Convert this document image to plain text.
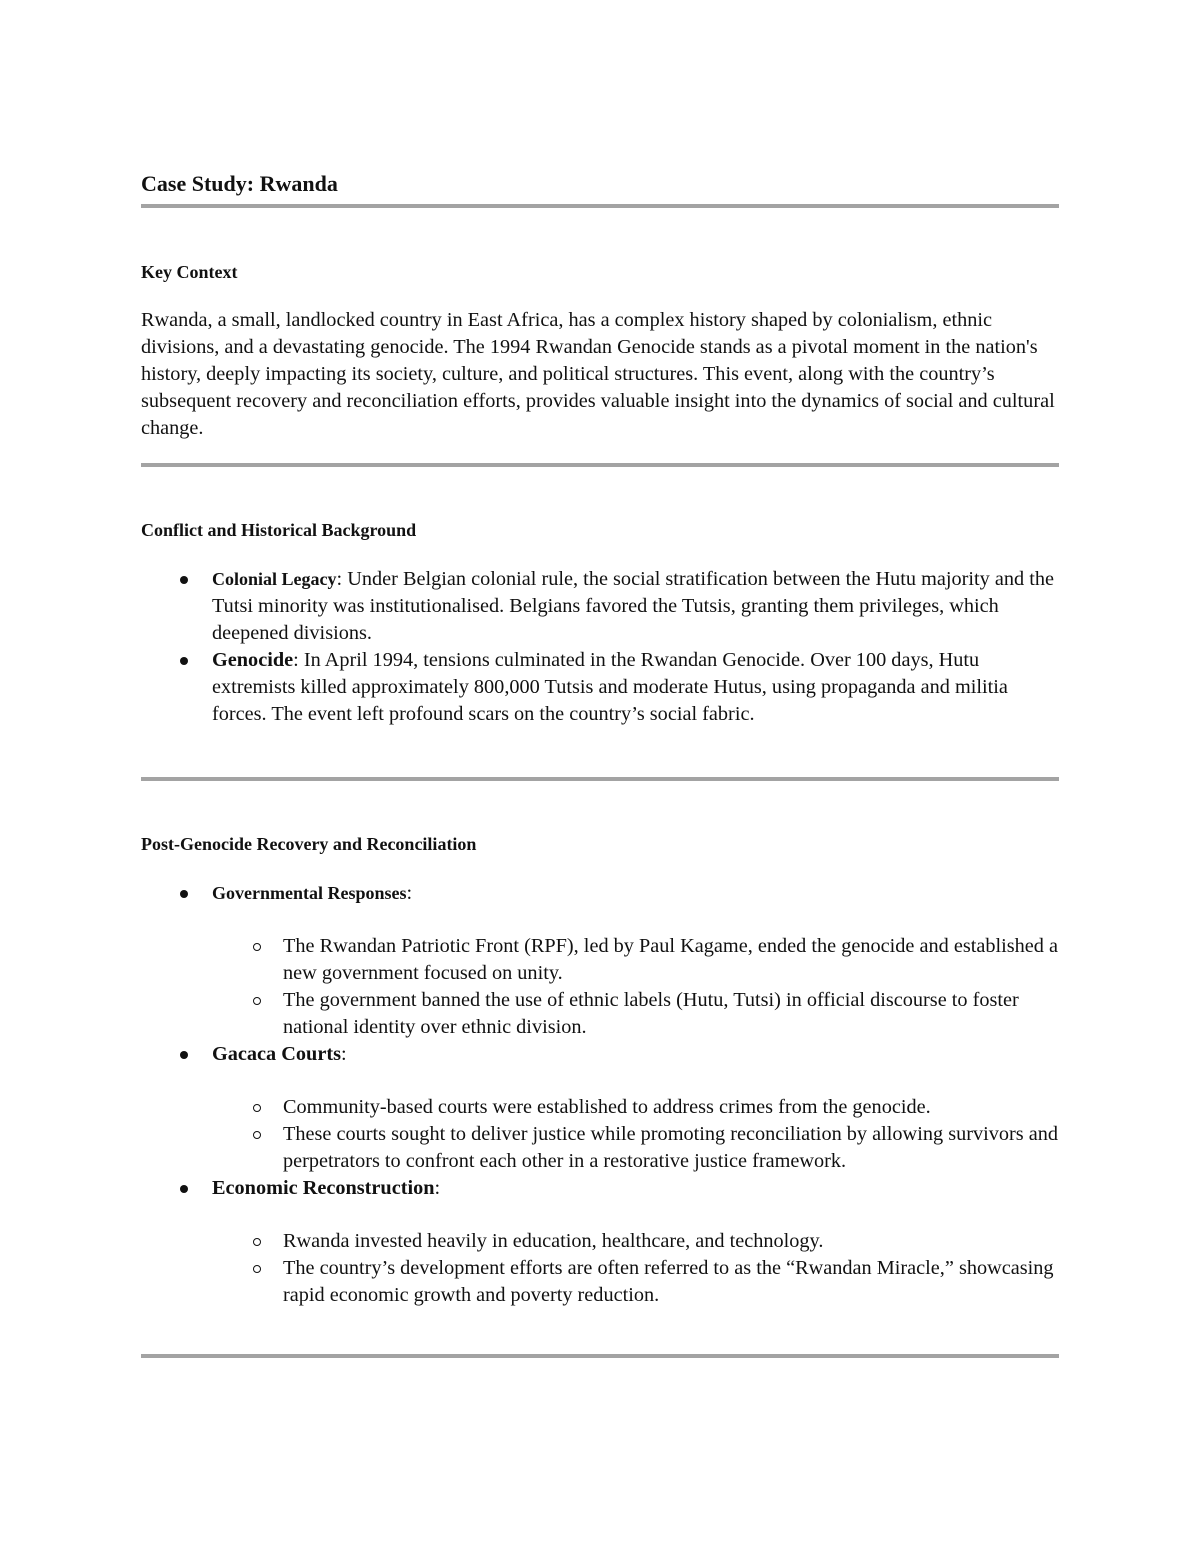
Case Study: Rwanda
Key Context

Rwanda, a small, landlocked country in East Africa, has a complex history shaped by colonialism, ethnic divisions, and a devastating genocide. The 1994 Rwandan Genocide stands as a pivotal moment in the nation's history, deeply impacting its society, culture, and political structures. This event, along with the country’s subsequent recovery and reconciliation efforts, provides valuable insight into the dynamics of social and cultural change.

Conflict and Historical Background
Colonial Legacy: Under Belgian colonial rule, the social stratification between the Hutu majority and the Tutsi minority was institutionalised. Belgians favored the Tutsis, granting them privileges, which deepened divisions.
Genocide: In April 1994, tensions culminated in the Rwandan Genocide. Over 100 days, Hutu extremists killed approximately 800,000 Tutsis and moderate Hutus, using propaganda and militia forces. The event left profound scars on the country’s social fabric.
Post-Genocide Recovery and Reconciliation
Governmental Responses:
The Rwandan Patriotic Front (RPF), led by Paul Kagame, ended the genocide and established a new government focused on unity.
The government banned the use of ethnic labels (Hutu, Tutsi) in official discourse to foster national identity over ethnic division.
Gacaca Courts:
Community-based courts were established to address crimes from the genocide.
These courts sought to deliver justice while promoting reconciliation by allowing survivors and perpetrators to confront each other in a restorative justice framework.
Economic Reconstruction:
Rwanda invested heavily in education, healthcare, and technology.
The country’s development efforts are often referred to as the “Rwandan Miracle,” showcasing rapid economic growth and poverty reduction.
